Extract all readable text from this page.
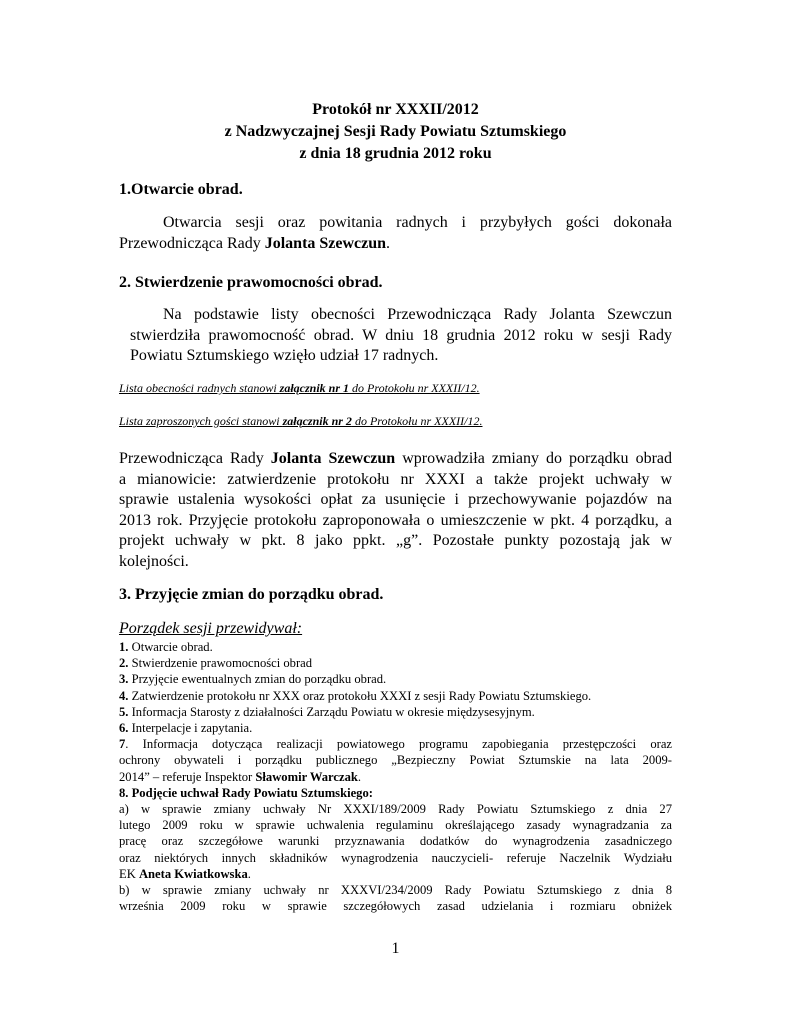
Protokół nr XXXII/2012
z Nadzwyczajnej Sesji Rady Powiatu Sztumskiego
z dnia 18 grudnia 2012 roku
1.Otwarcie obrad.
Otwarcia sesji oraz powitania radnych i przybyłych gości dokonała
Przewodnicząca Rady Jolanta Szewczun.
2. Stwierdzenie prawomocności obrad.
Na podstawie listy obecności Przewodnicząca Rady Jolanta Szewczun
stwierdziła prawomocność obrad. W dniu 18 grudnia 2012 roku w sesji Rady
Powiatu Sztumskiego wzięło udział 17 radnych.
Lista obecności radnych stanowi załącznik nr 1 do Protokołu nr XXXII/12.
Lista zaproszonych gości stanowi załącznik nr 2 do Protokołu nr XXXII/12.
Przewodnicząca Rady Jolanta Szewczun wprowadziła zmiany do porządku obrad
a mianowicie: zatwierdzenie protokołu nr XXXI a także projekt uchwały w
sprawie ustalenia wysokości opłat za usunięcie i przechowywanie pojazdów na
2013 rok. Przyjęcie protokołu zaproponowała o umieszczenie w pkt. 4 porządku, a
projekt uchwały w pkt. 8 jako ppkt. „g”. Pozostałe punkty pozostają jak w
kolejności.
3. Przyjęcie zmian do porządku obrad.
Porządek sesji przewidywał:
1. Otwarcie obrad.
2. Stwierdzenie prawomocności obrad
3. Przyjęcie ewentualnych zmian do porządku obrad.
4. Zatwierdzenie protokołu nr XXX oraz protokołu XXXI z sesji Rady Powiatu Sztumskiego.
5. Informacja Starosty z działalności Zarządu Powiatu w okresie międzysesyjnym.
6. Interpelacje i zapytania.
7. Informacja dotycząca realizacji powiatowego programu zapobiegania przestępczości oraz
ochrony obywateli i porządku publicznego „Bezpieczny Powiat Sztumskie na lata 2009-
2014” – referuje Inspektor Sławomir Warczak.
8. Podjęcie uchwał Rady Powiatu Sztumskiego:
a) w sprawie zmiany uchwały Nr XXXI/189/2009 Rady Powiatu Sztumskiego z dnia 27
lutego 2009 roku w sprawie uchwalenia regulaminu określającego zasady wynagradzania za
pracę oraz szczegółowe warunki przyznawania dodatków do wynagrodzenia zasadniczego
oraz niektórych innych składników wynagrodzenia nauczycieli- referuje Naczelnik Wydziału
EK Aneta Kwiatkowska.
b) w sprawie zmiany uchwały nr XXXVI/234/2009 Rady Powiatu Sztumskiego z dnia 8
września 2009 roku w sprawie szczegółowych zasad udzielania i rozmiaru obniżek
1
